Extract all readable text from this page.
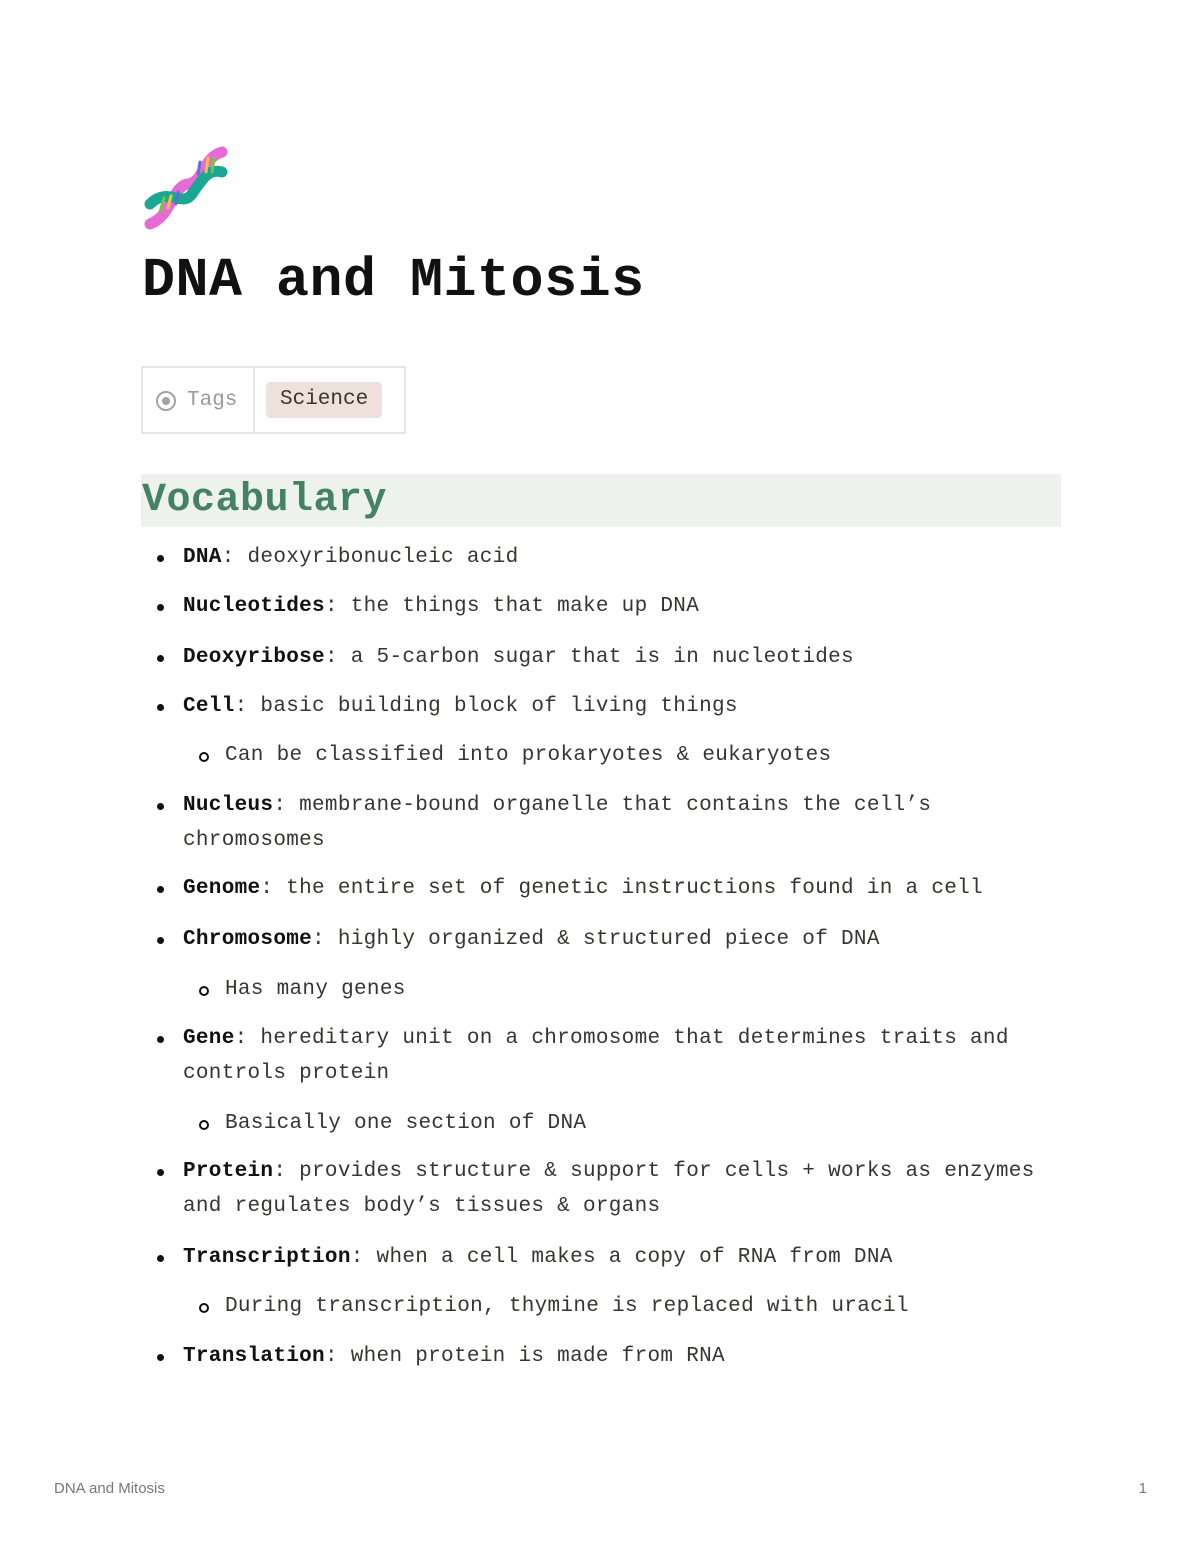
DNA and Mitosis
Tags	Science
Vocabulary
DNA: deoxyribonucleic acid
Nucleotides: the things that make up DNA
Deoxyribose: a 5-carbon sugar that is in nucleotides
Cell: basic building block of living things
Can be classified into prokaryotes & eukaryotes
Nucleus: membrane-bound organelle that contains the cell’s chromosomes
Genome: the entire set of genetic instructions found in a cell
Chromosome: highly organized & structured piece of DNA
Has many genes
Gene: hereditary unit on a chromosome that determines traits and controls protein
Basically one section of DNA
Protein: provides structure & support for cells + works as enzymes and regulates body’s tissues & organs
Transcription: when a cell makes a copy of RNA from DNA
During transcription, thymine is replaced with uracil
Translation: when protein is made from RNA
DNA and Mitosis	1
